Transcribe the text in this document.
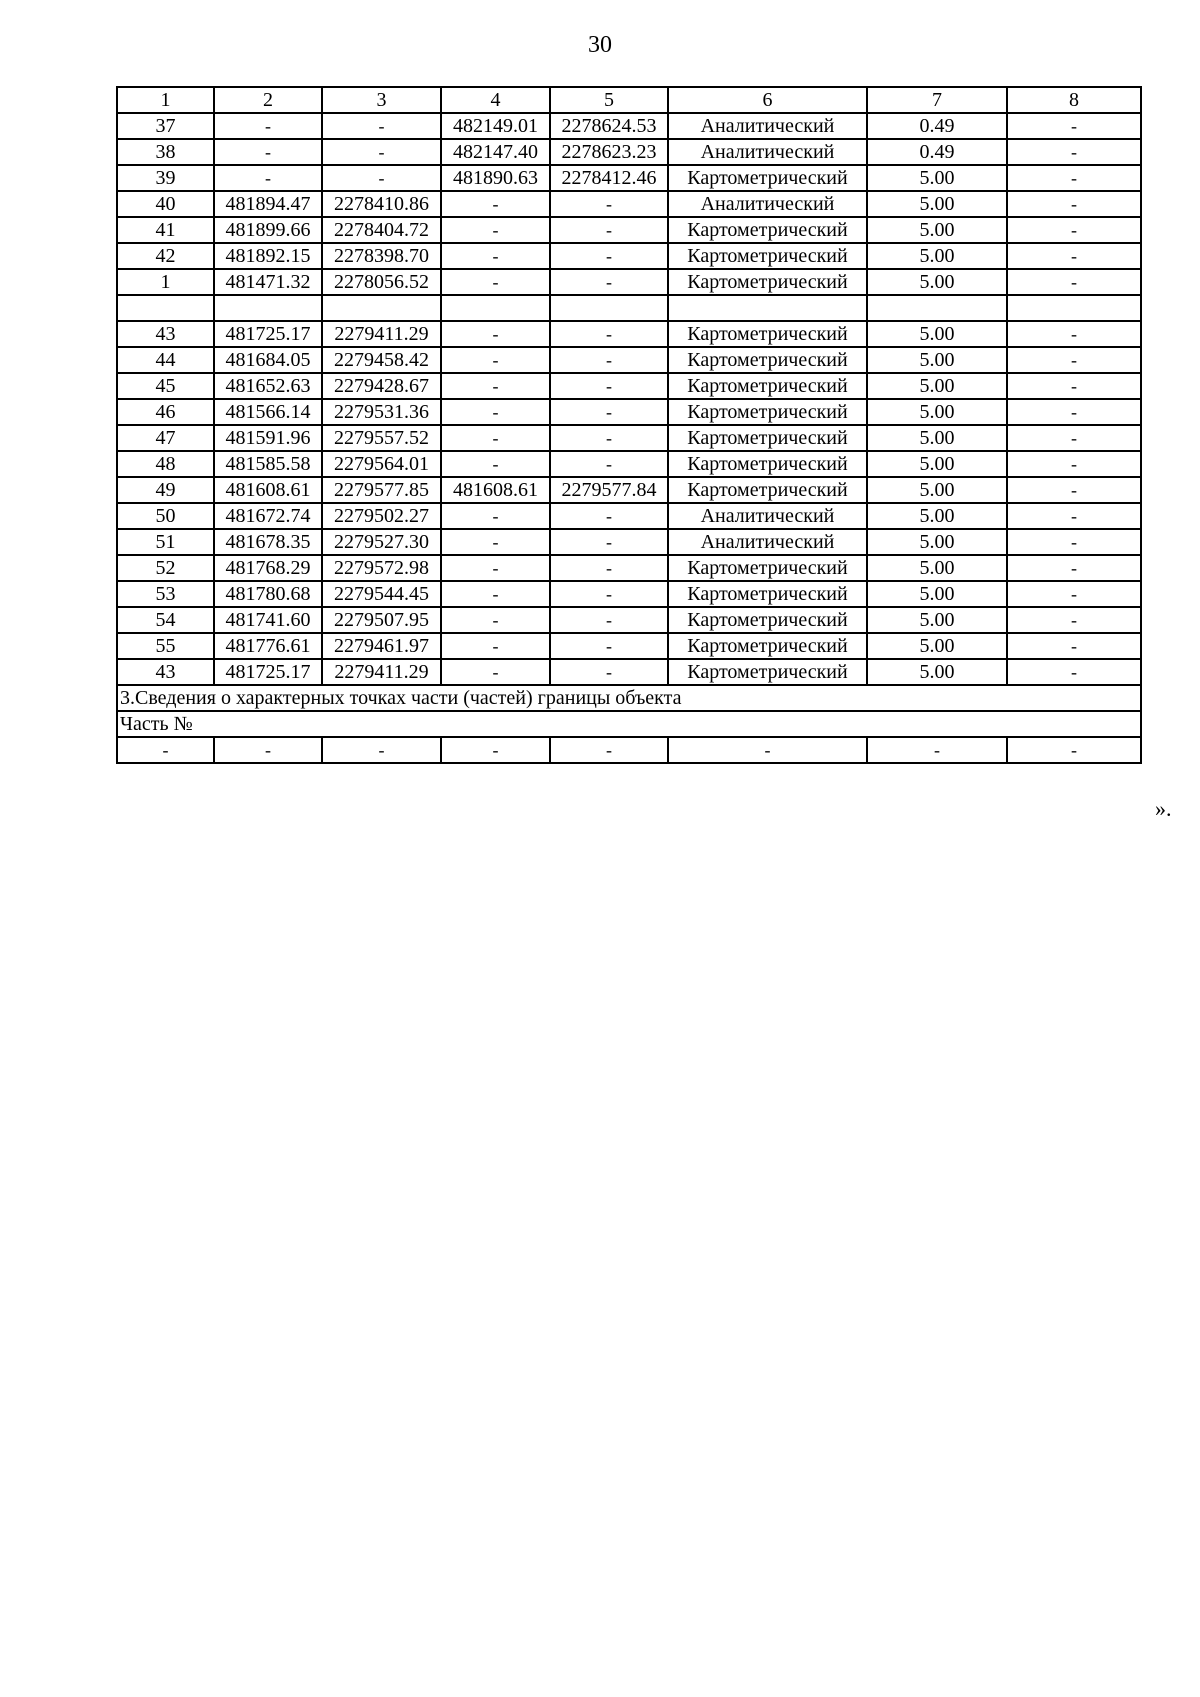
30
1	2	3	4	5	6	7	8
37	-	-	482149.01	2278624.53	Аналитический	0.49	-
38	-	-	482147.40	2278623.23	Аналитический	0.49	-
39	-	-	481890.63	2278412.46	Картометрический	5.00	-
40	481894.47	2278410.86	-	-	Аналитический	5.00	-
41	481899.66	2278404.72	-	-	Картометрический	5.00	-
42	481892.15	2278398.70	-	-	Картометрический	5.00	-
1	481471.32	2278056.52	-	-	Картометрический	5.00	-

43	481725.17	2279411.29	-	-	Картометрический	5.00	-
44	481684.05	2279458.42	-	-	Картометрический	5.00	-
45	481652.63	2279428.67	-	-	Картометрический	5.00	-
46	481566.14	2279531.36	-	-	Картометрический	5.00	-
47	481591.96	2279557.52	-	-	Картометрический	5.00	-
48	481585.58	2279564.01	-	-	Картометрический	5.00	-
49	481608.61	2279577.85	481608.61	2279577.84	Картометрический	5.00	-
50	481672.74	2279502.27	-	-	Аналитический	5.00	-
51	481678.35	2279527.30	-	-	Аналитический	5.00	-
52	481768.29	2279572.98	-	-	Картометрический	5.00	-
53	481780.68	2279544.45	-	-	Картометрический	5.00	-
54	481741.60	2279507.95	-	-	Картометрический	5.00	-
55	481776.61	2279461.97	-	-	Картометрический	5.00	-
43	481725.17	2279411.29	-	-	Картометрический	5.00	-
3.Сведения о характерных точках части (частей) границы объекта							
Часть №							
-	-	-	-	-	-	-	-
».
